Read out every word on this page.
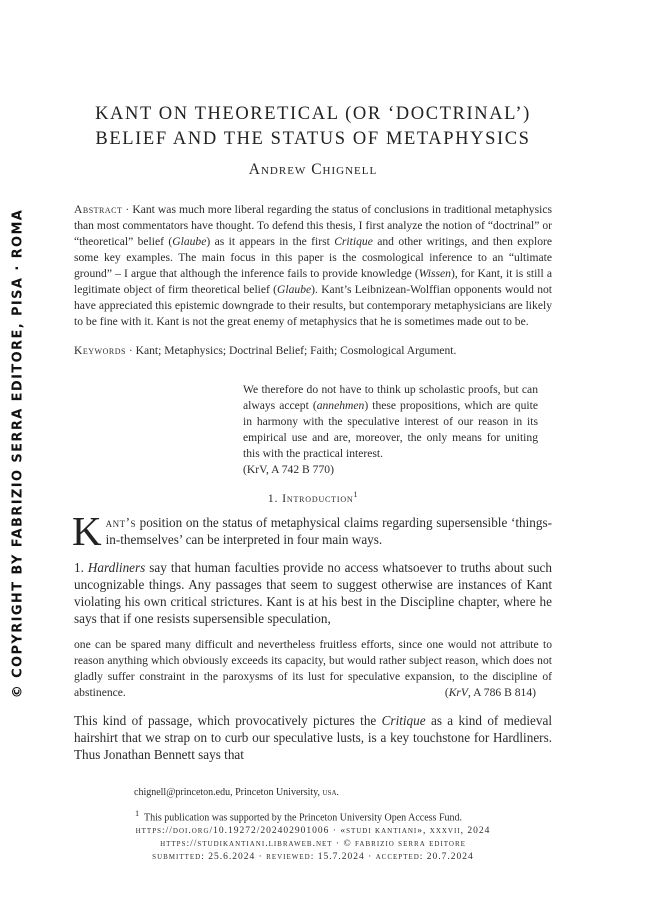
© COPYRIGHT BY FABRIZIO SERRA EDITORE, PISA · ROMA
KANT ON THEORETICAL (OR ‘DOCTRINAL’)
BELIEF AND THE STATUS OF METAPHYSICS

Andrew Chignell

Abstract · Kant was much more liberal regarding the status of conclusions in traditional metaphysics than most commentators have thought. To defend this thesis, I first analyze the notion of “doctrinal” or “theoretical” belief (Glaube) as it appears in the first Critique and other writings, and then explore some key examples. The main focus in this paper is the cosmological inference to an “ultimate ground” – I argue that although the inference fails to provide knowledge (Wissen), for Kant, it is still a legitimate object of firm theoretical belief (Glaube). Kant’s Leibnizean-Wolffian opponents would not have appreciated this epistemic downgrade to their results, but contemporary metaphysicians are likely to be fine with it. Kant is not the great enemy of metaphysics that he is sometimes made out to be.

Keywords · Kant; Metaphysics; Doctrinal Belief; Faith; Cosmological Argument.

We therefore do not have to think up scholastic proofs, but can always accept (annehmen) these propositions, which are quite in harmony with the speculative interest of our reason in its empirical use and are, moreover, the only means for uniting this with the practical interest.
(KrV, A 742 B 770)

1. Introduction$^1$

Kant’s position on the status of metaphysical claims regarding supersensible ‘things-in-themselves’ can be interpreted in four main ways.

1. Hardliners say that human faculties provide no access whatsoever to truths about such uncognizable things. Any passages that seem to suggest otherwise are instances of Kant violating his own critical strictures. Kant is at his best in the Discipline chapter, where he says that if one resists supersensible speculation,

one can be spared many difficult and nevertheless fruitless efforts, since one would not attribute to reason anything which obviously exceeds its capacity, but would rather subject reason, which does not gladly suffer constraint in the paroxysms of its lust for speculative expansion, to the discipline of abstinence.	(KrV, A 786 B 814)

This kind of passage, which provocatively pictures the Critique as a kind of medieval hairshirt that we strap on to curb our speculative lusts, is a key touchstone for Hardliners. Thus Jonathan Bennett says that

chignell@princeton.edu, Princeton University, usa.

$^1$ This publication was supported by the Princeton University Open Access Fund.

https://doi.org/10.19272/202402901006 · «studi kantiani», xxxvii, 2024

https://studikantiani.libraweb.net · © fabrizio serra editore

submitted: 25.6.2024 · reviewed: 15.7.2024 · accepted: 20.7.2024
